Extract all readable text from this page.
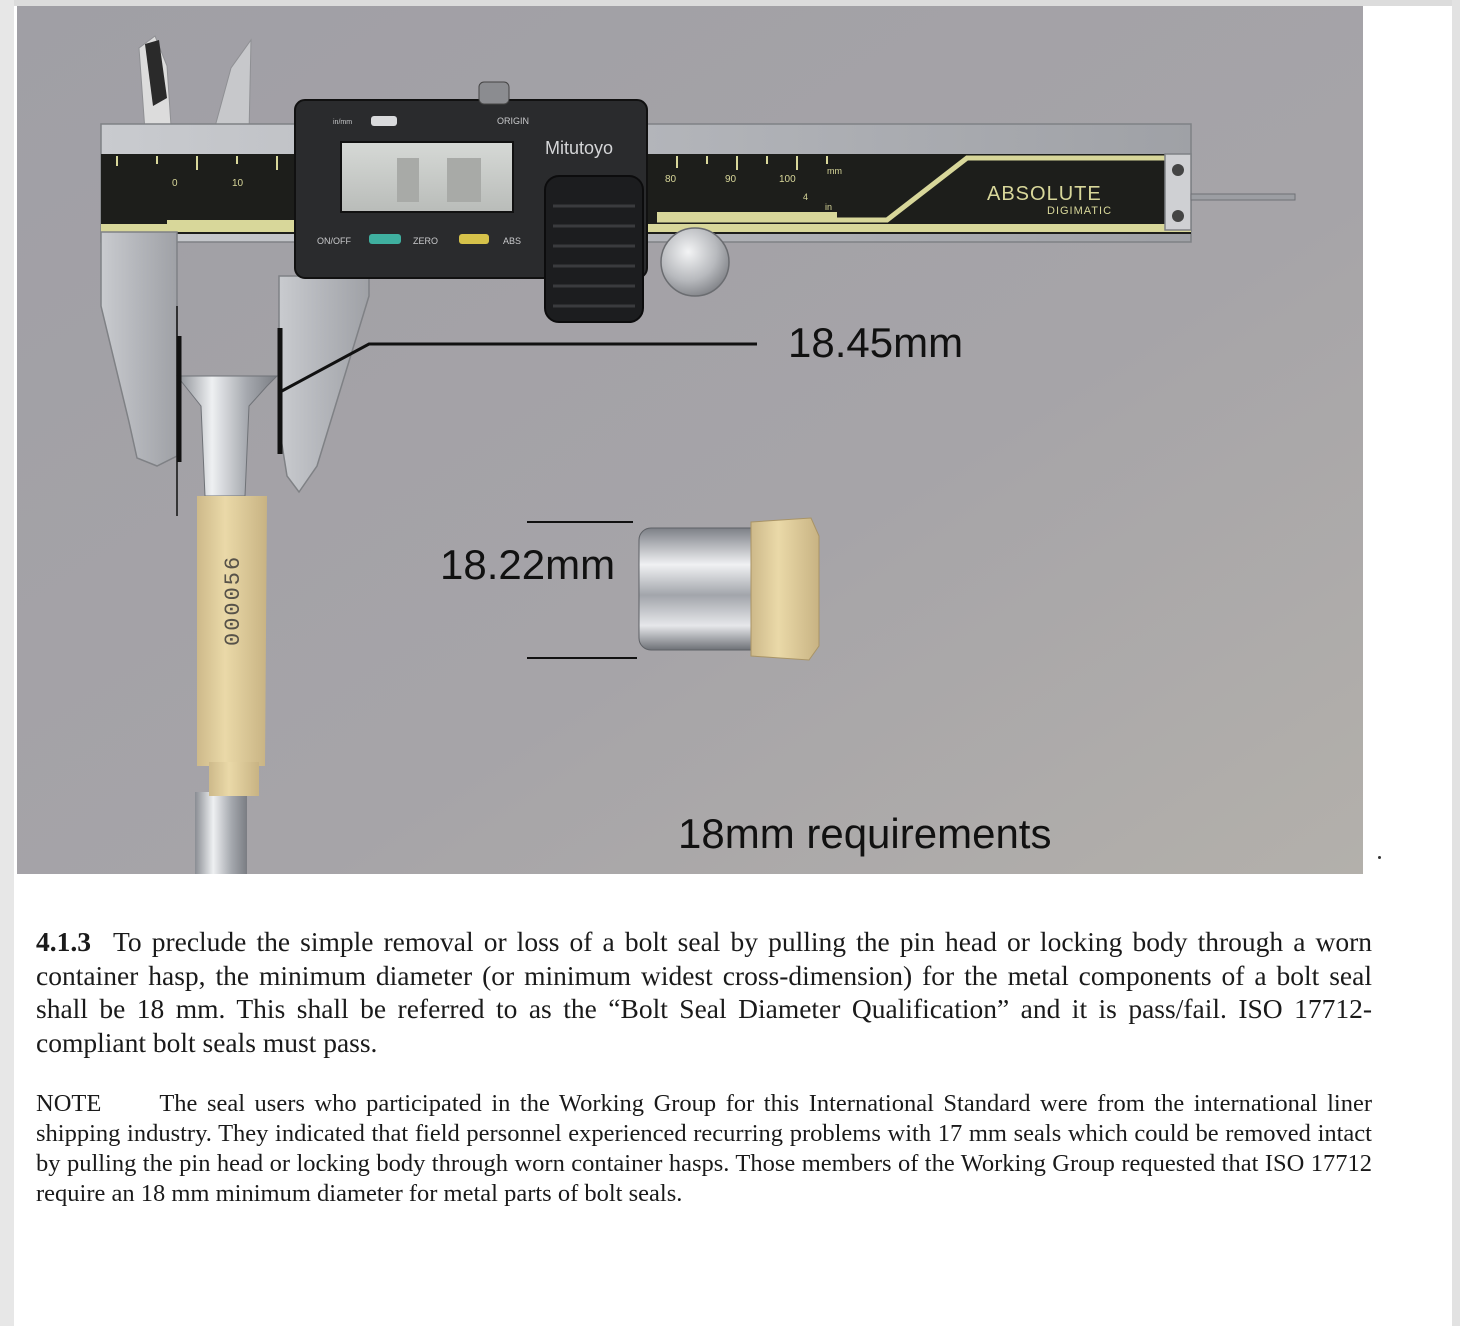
0	10	80	90	100
mm
in
4	ABSOLUTE
DIGIMATIC
in/mm	ORIGIN
ON/OFF	ZERO	ABS
Mitutoyo
000056

18.45mm

18.22mm

18mm requirements

4.1.3 To preclude the simple removal or loss of a bolt seal by pulling the pin head or locking body through a worn container hasp, the minimum diameter (or minimum widest cross-dimension) for the metal components of a bolt seal shall be 18 mm. This shall be referred to as the “Bolt Seal Diameter Qualification” and it is pass/fail. ISO 17712-compliant bolt seals must pass.

NOTE The seal users who participated in the Working Group for this International Standard were from the international liner shipping industry. They indicated that field personnel experienced recurring problems with 17 mm seals which could be removed intact by pulling the pin head or locking body through worn container hasps. Those members of the Working Group requested that ISO 17712 require an 18 mm minimum diameter for metal parts of bolt seals.
